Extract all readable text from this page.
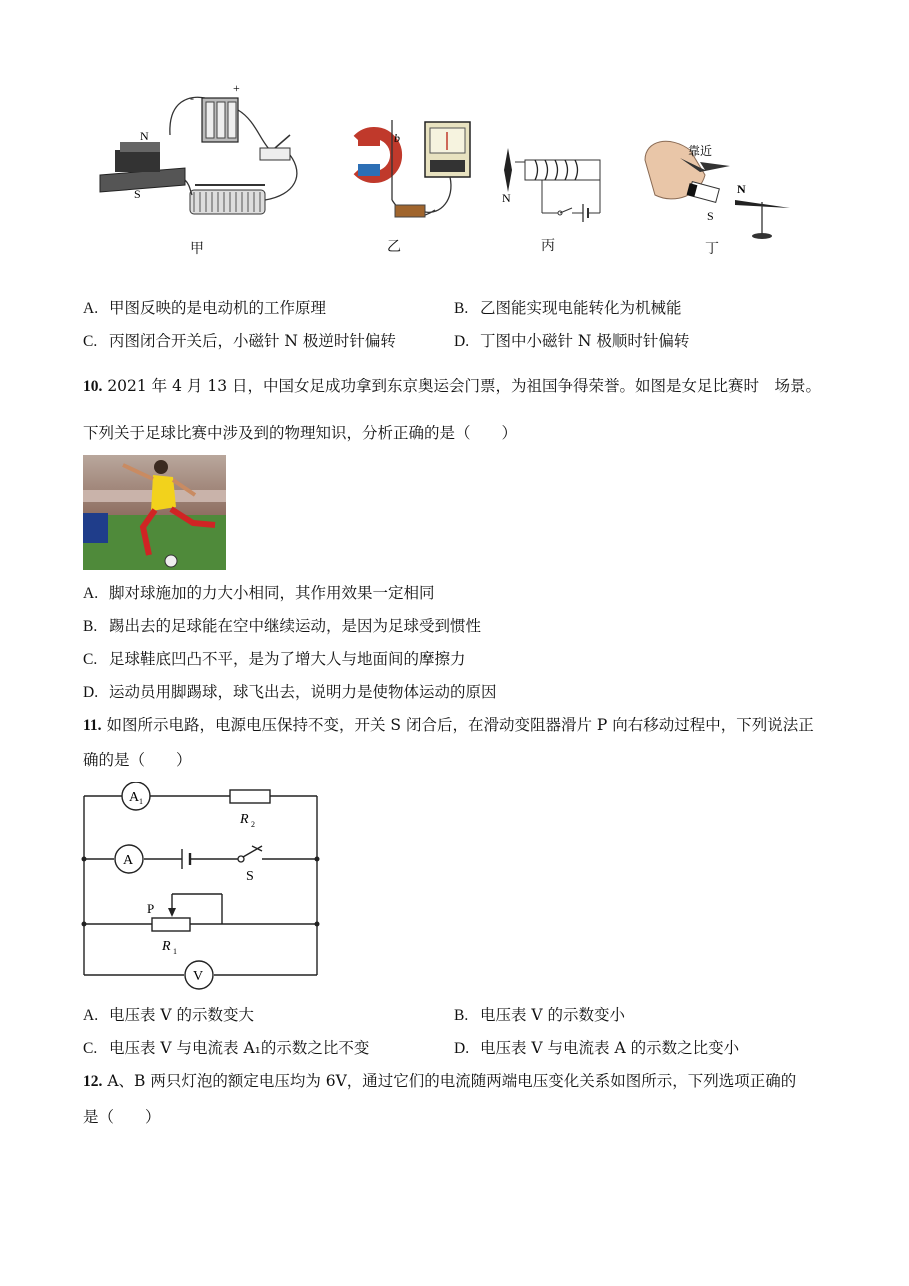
N
S
-
+
b
N
S
靠近
N
甲	乙	丙	丁
A. 甲图反映的是电动机的工作原理	B. 乙图能实现电能转化为机械能
C. 丙图闭合开关后，小磁针 N 极逆时针偏转	D. 丁图中小磁针 N 极顺时针偏转
10. 2021 年 4 月 13 日，中国女足成功拿到东京奥运会门票，为祖国争得荣誉。如图是女足比赛时　场景。
下列关于足球比赛中涉及到的物理知识，分析正确的是（　　）
A. 脚对球施加的力大小相同，其作用效果一定相同
B. 踢出去的足球能在空中继续运动，是因为足球受到惯性
C. 足球鞋底凹凸不平，是为了增大人与地面间的摩擦力
D. 运动员用脚踢球，球飞出去，说明力是使物体运动的原因
11. 如图所示电路，电源电压保持不变，开关 S 闭合后，在滑动变阻器滑片 P 向右移动过程中，下列说法正
确的是（　　）
A 1
R 2
A
S
P
R 1
V
A. 电压表 V 的示数变大	B. 电压表 V 的示数变小
C. 电压表 V 与电流表 A₁的示数之比不变	D. 电压表 V 与电流表 A 的示数之比变小
12. A、B 两只灯泡的额定电压均为 6V，通过它们的电流随两端电压变化关系如图所示，下列选项正确的
是（　　）
